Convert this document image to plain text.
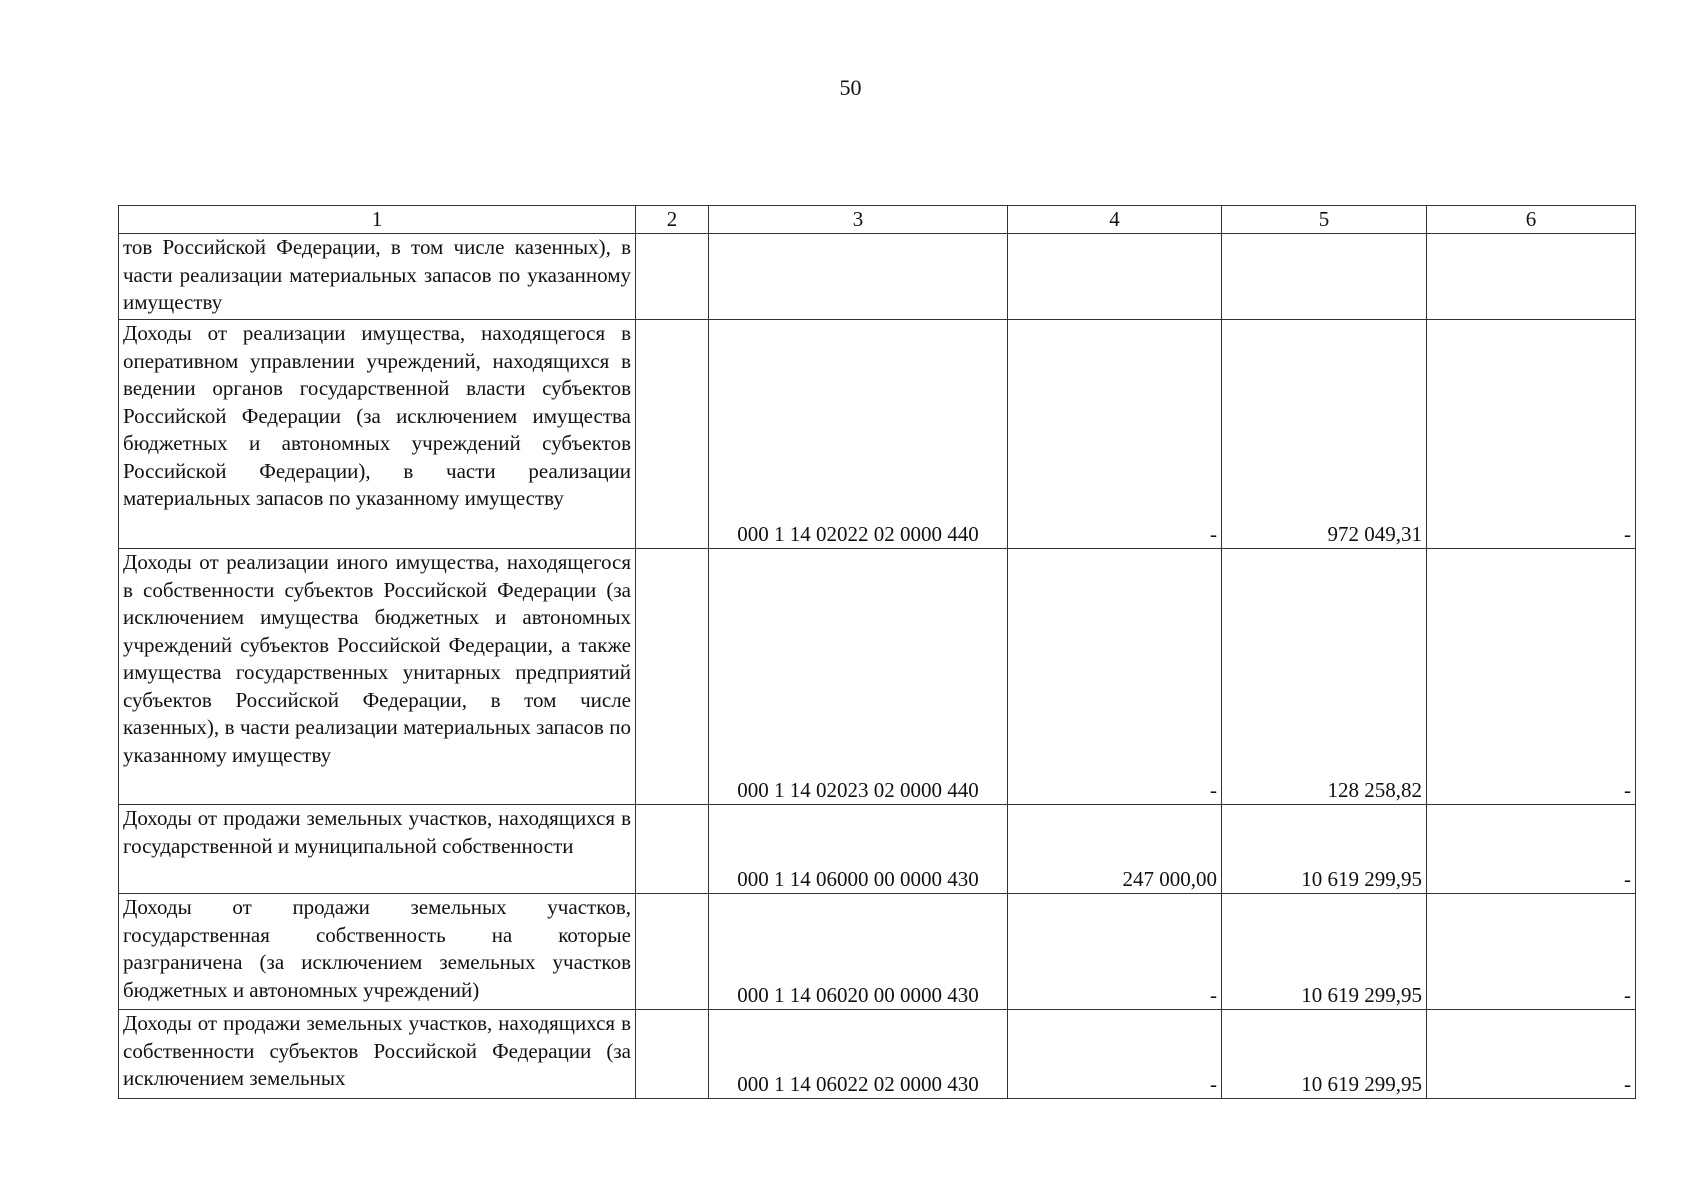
50
1	2	3	4	5	6
тов Российской Федерации, в том числе казенных), в части реализации материальных запасов по указанному имуществу					
Доходы от реализации имущества, находящегося в оперативном управлении учреждений, находящихся в ведении органов государственной власти субъектов Российской Федерации (за исключением имущества бюджетных и автономных учреждений субъектов Российской Федерации), в части реализации материальных запасов по указанному имуществу		000 1 14 02022 02 0000 440	-	972 049,31	-
Доходы от реализации иного имущества, находящегося в собственности субъектов Российской Федерации (за исключением имущества бюджетных и автономных учреждений субъектов Российской Федерации, а также имущества государственных унитарных предприятий субъектов Российской Федерации, в том числе казенных), в части реализации материальных запасов по указанному имуществу		000 1 14 02023 02 0000 440	-	128 258,82	-
Доходы от продажи земельных участков, находящихся в государственной и муниципальной собственности		000 1 14 06000 00 0000 430	247 000,00	10 619 299,95	-
Доходы от продажи земельных участков, государственная собственность на которые разграничена (за исключением земельных участков бюджетных и автономных учреждений)		000 1 14 06020 00 0000 430	-	10 619 299,95	-
Доходы от продажи земельных участков, находящихся в собственности субъектов Российской Федерации (за исключением земельных		000 1 14 06022 02 0000 430	-	10 619 299,95	-
